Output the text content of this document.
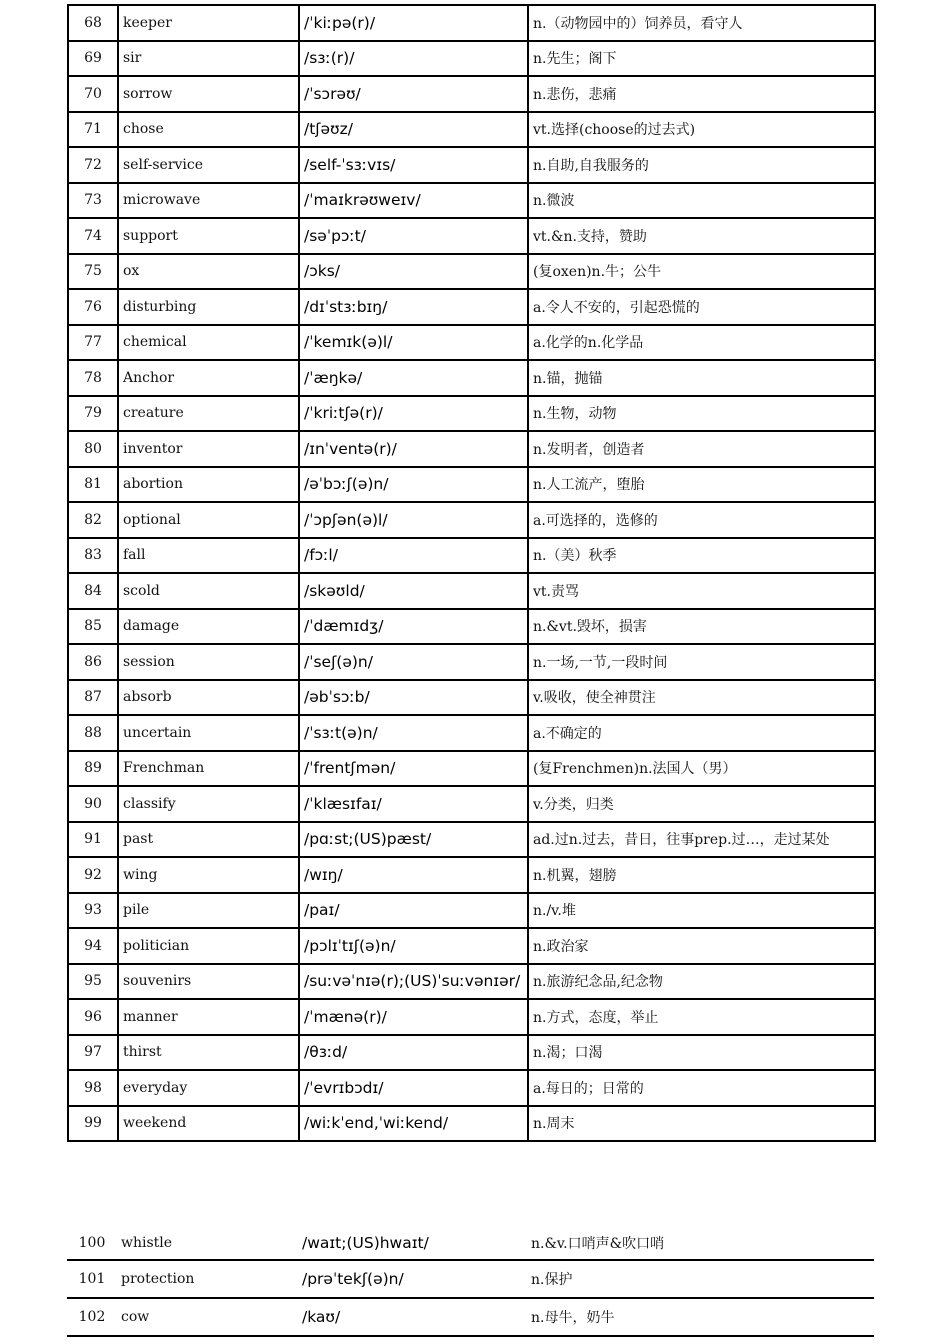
68	keeper	/ˈkiːpə(r)/	n.（动物园中的）饲养员，看守人
69	sir	/sɜː(r)/	n.先生；阁下
70	sorrow	/ˈsɔrəʊ/	n.悲伤，悲痛
71	chose	/tʃəʊz/	vt.选择(choose的过去式)
72	self-service	/self-ˈsɜːvɪs/	n.自助,自我服务的
73	microwave	/ˈmaɪkrəʊweɪv/	n.微波
74	support	/səˈpɔːt/	vt.&n.支持，赞助
75	ox	/ɔks/	(复oxen)n.牛；公牛
76	disturbing	/dɪˈstɜːbɪŋ/	a.令人不安的，引起恐慌的
77	chemical	/ˈkemɪk(ə)l/	a.化学的n.化学品
78	Anchor	/ˈæŋkə/	n.锚，抛锚
79	creature	/ˈkriːtʃə(r)/	n.生物，动物
80	inventor	/ɪnˈventə(r)/	n.发明者，创造者
81	abortion	/əˈbɔːʃ(ə)n/	n.人工流产，堕胎
82	optional	/ˈɔpʃən(ə)l/	a.可选择的，选修的
83	fall	/fɔːl/	n.（美）秋季
84	scold	/skəʊld/	vt.责骂
85	damage	/ˈdæmɪdʒ/	n.&vt.毁坏，损害
86	session	/ˈseʃ(ə)n/	n.一场,一节,一段时间
87	absorb	/əbˈsɔːb/	v.吸收，使全神贯注
88	uncertain	/ˈsɜːt(ə)n/	a.不确定的
89	Frenchman	/ˈfrentʃmən/	(复Frenchmen)n.法国人（男）
90	classify	/ˈklæsɪfaɪ/	v.分类，归类
91	past	/pɑːst;(US)pæst/	ad.过n.过去，昔日，往事prep.过…，走过某处
92	wing	/wɪŋ/	n.机翼，翅膀
93	pile	/paɪ/	n./v.堆
94	politician	/pɔlɪˈtɪʃ(ə)n/	n.政治家
95	souvenirs	/suːvəˈnɪə(r);(US)ˈsuːvənɪər/	n.旅游纪念品,纪念物
96	manner	/ˈmænə(r)/	n.方式，态度，举止
97	thirst	/θɜːd/	n.渴；口渴
98	everyday	/ˈevrɪbɔdɪ/	a.每日的；日常的
99	weekend	/wiːkˈend,ˈwiːkend/	n.周末
100	whistle	/waɪt;(US)hwaɪt/	n.&v.口哨声&吹口哨
101	protection	/prəˈtekʃ(ə)n/	n.保护
102	cow	/kaʊ/	n.母牛，奶牛
